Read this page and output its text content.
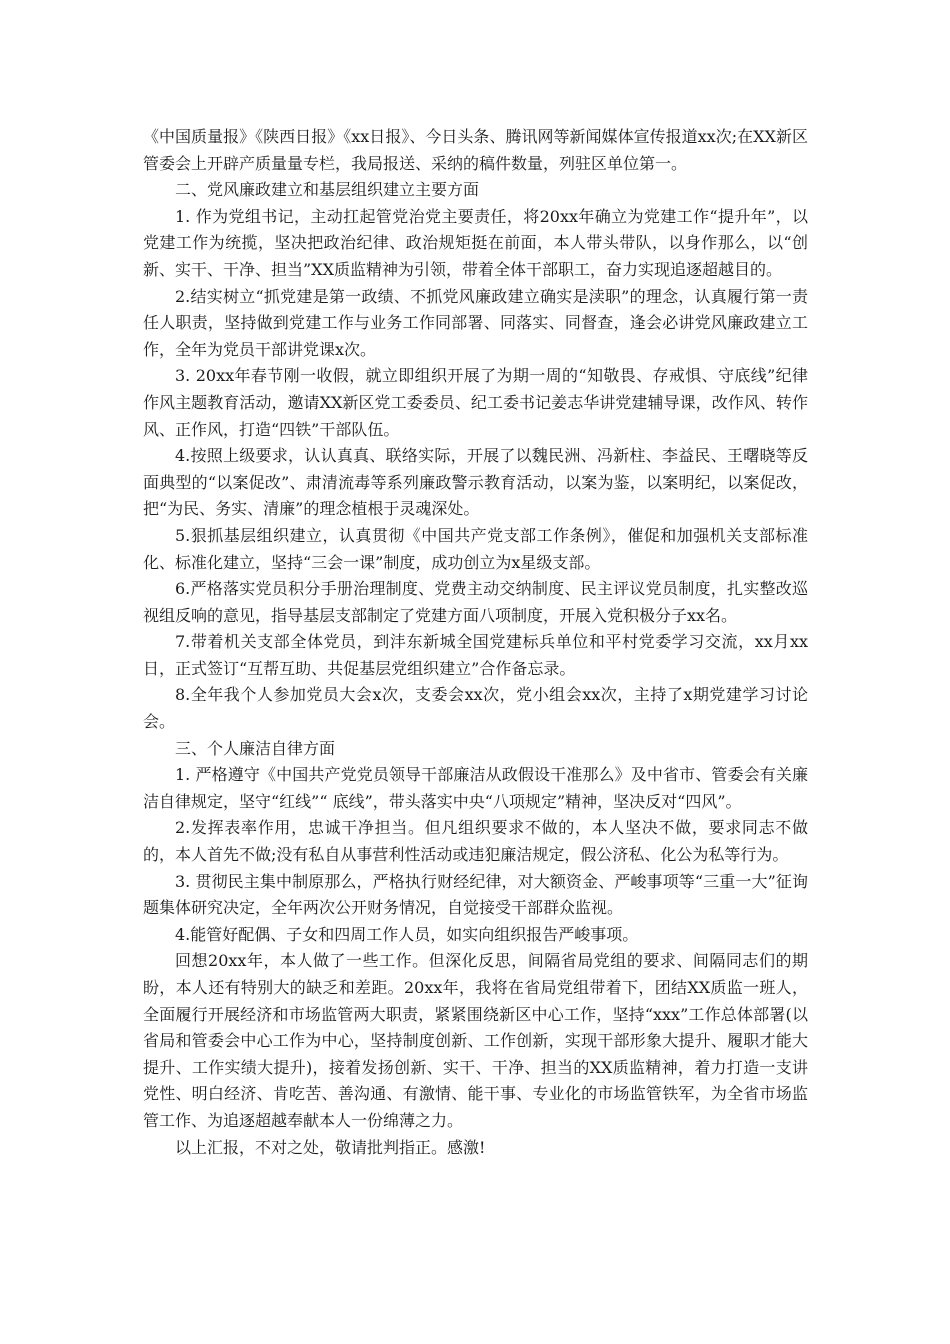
《中国质量报》《陕西日报》《xx日报》、今日头条、腾讯网等新闻媒体宣传报道xx次;在XX新区管委会上开辟产质量量专栏，我局报送、采纳的稿件数量，列驻区单位第一。

二、党风廉政建立和基层组织建立主要方面

1. 作为党组书记，主动扛起管党治党主要责任，将20xx年确立为党建工作“提升年”，以党建工作为统揽，坚决把政治纪律、政治规矩挺在前面，本人带头带队，以身作那么，以“创新、实干、干净、担当”XX质监精神为引领，带着全体干部职工，奋力实现追逐超越目的。

2.结实树立“抓党建是第一政绩、不抓党风廉政建立确实是渎职”的理念，认真履行第一责任人职责，坚持做到党建工作与业务工作同部署、同落实、同督查，逢会必讲党风廉政建立工作，全年为党员干部讲党课x次。

3. 20xx年春节刚一收假，就立即组织开展了为期一周的“知敬畏、存戒惧、守底线”纪律作风主题教育活动，邀请XX新区党工委委员、纪工委书记姜志华讲党建辅导课，改作风、转作风、正作风，打造“四铁”干部队伍。

4.按照上级要求，认认真真、联络实际，开展了以魏民洲、冯新柱、李益民、王曙晓等反面典型的“以案促改”、肃清流毒等系列廉政警示教育活动，以案为鉴，以案明纪，以案促改，把“为民、务实、清廉”的理念植根于灵魂深处。

5.狠抓基层组织建立，认真贯彻《中国共产党支部工作条例》，催促和加强机关支部标准化、标准化建立，坚持“三会一课”制度，成功创立为x星级支部。

6.严格落实党员积分手册治理制度、党费主动交纳制度、民主评议党员制度，扎实整改巡视组反响的意见，指导基层支部制定了党建方面八项制度，开展入党积极分子xx名。

7.带着机关支部全体党员，到沣东新城全国党建标兵单位和平村党委学习交流，xx月xx日，正式签订“互帮互助、共促基层党组织建立”合作备忘录。

8.全年我个人参加党员大会x次，支委会xx次，党小组会xx次，主持了x期党建学习讨论会。

三、个人廉洁自律方面

1. 严格遵守《中国共产党党员领导干部廉洁从政假设干准那么》及中省市、管委会有关廉洁自律规定，坚守“红线”“ 底线”，带头落实中央“八项规定”精神，坚决反对“四风”。

2.发挥表率作用，忠诚干净担当。但凡组织要求不做的，本人坚决不做，要求同志不做的，本人首先不做;没有私自从事营利性活动或违犯廉洁规定，假公济私、化公为私等行为。

3. 贯彻民主集中制原那么，严格执行财经纪律，对大额资金、严峻事项等“三重一大”征询题集体研究决定，全年两次公开财务情况，自觉接受干部群众监视。

4.能管好配偶、子女和四周工作人员，如实向组织报告严峻事项。

回想20xx年，本人做了一些工作。但深化反思，间隔省局党组的要求、间隔同志们的期盼，本人还有特别大的缺乏和差距。20xx年，我将在省局党组带着下，团结XX质监一班人，全面履行开展经济和市场监管两大职责，紧紧围绕新区中心工作，坚持“xxx”工作总体部署(以省局和管委会中心工作为中心，坚持制度创新、工作创新，实现干部形象大提升、履职才能大提升、工作实绩大提升)，接着发扬创新、实干、干净、担当的XX质监精神，着力打造一支讲党性、明白经济、肯吃苦、善沟通、有激情、能干事、专业化的市场监管铁军，为全省市场监管工作、为追逐超越奉献本人一份绵薄之力。

以上汇报，不对之处，敬请批判指正。感激!
